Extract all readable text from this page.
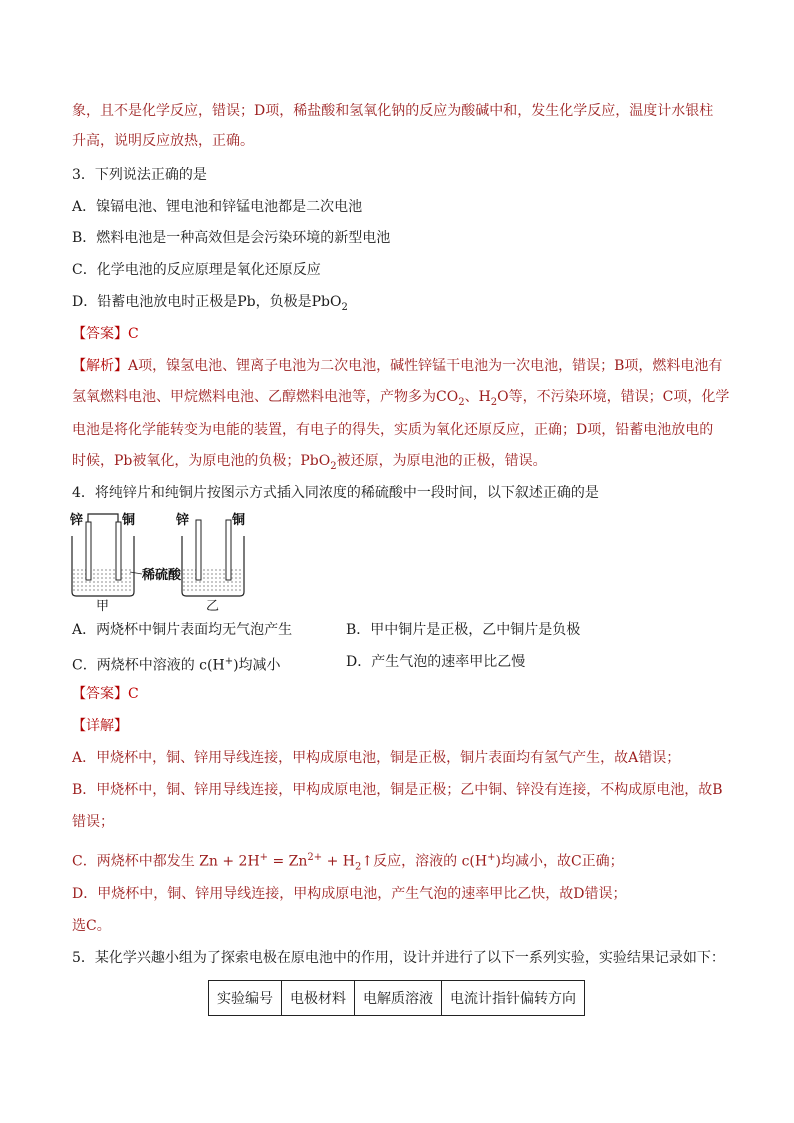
象，且不是化学反应，错误；D项，稀盐酸和氢氧化钠的反应为酸碱中和，发生化学反应，温度计水银柱
升高，说明反应放热，正确。
3．下列说法正确的是
A．镍镉电池、锂电池和锌锰电池都是二次电池
B．燃料电池是一种高效但是会污染环境的新型电池
C．化学电池的反应原理是氧化还原反应
D．铅蓄电池放电时正极是Pb，负极是PbO$_2$
【答案】C
【解析】A项，镍氢电池、锂离子电池为二次电池，碱性锌锰干电池为一次电池，错误；B项，燃料电池有
氢氧燃料电池、甲烷燃料电池、乙醇燃料电池等，产物多为$CO_2$、$H_2O$等，不污染环境，错误；C项，化学
电池是将化学能转变为电能的装置，有电子的得失，实质为氧化还原反应，正确；D项，铅蓄电池放电的
时候，Pb被氧化，为原电池的负极；PbO$_2$被还原，为原电池的正极，错误。
4．将纯锌片和纯铜片按图示方式插入同浓度的稀硫酸中一段时间，以下叙述正确的是
锌	铜	锌	铜
稀硫酸
甲	乙
A．两烧杯中铜片表面均无气泡产生	B．甲中铜片是正极，乙中铜片是负极
C．两烧杯中溶液的 c(H+)均减小	D．产生气泡的速率甲比乙慢
【答案】C
【详解】
A．甲烧杯中，铜、锌用导线连接，甲构成原电池，铜是正极，铜片表面均有氢气产生，故A错误；
B．甲烧杯中，铜、锌用导线连接，甲构成原电池，铜是正极；乙中铜、锌没有连接，不构成原电池，故B
错误；
C．两烧杯中都发生 $Zn + 2H^+ = Zn^{2+}$ + $H_2↑$反应，溶液的 c(H+)均减小，故C正确；
D．甲烧杯中，铜、锌用导线连接，甲构成原电池，产生气泡的速率甲比乙快，故D错误；
选C。
5．某化学兴趣小组为了探索电极在原电池中的作用，设计并进行了以下一系列实验，实验结果记录如下：
实验编号	电极材料	电解质溶液	电流计指针偏转方向
